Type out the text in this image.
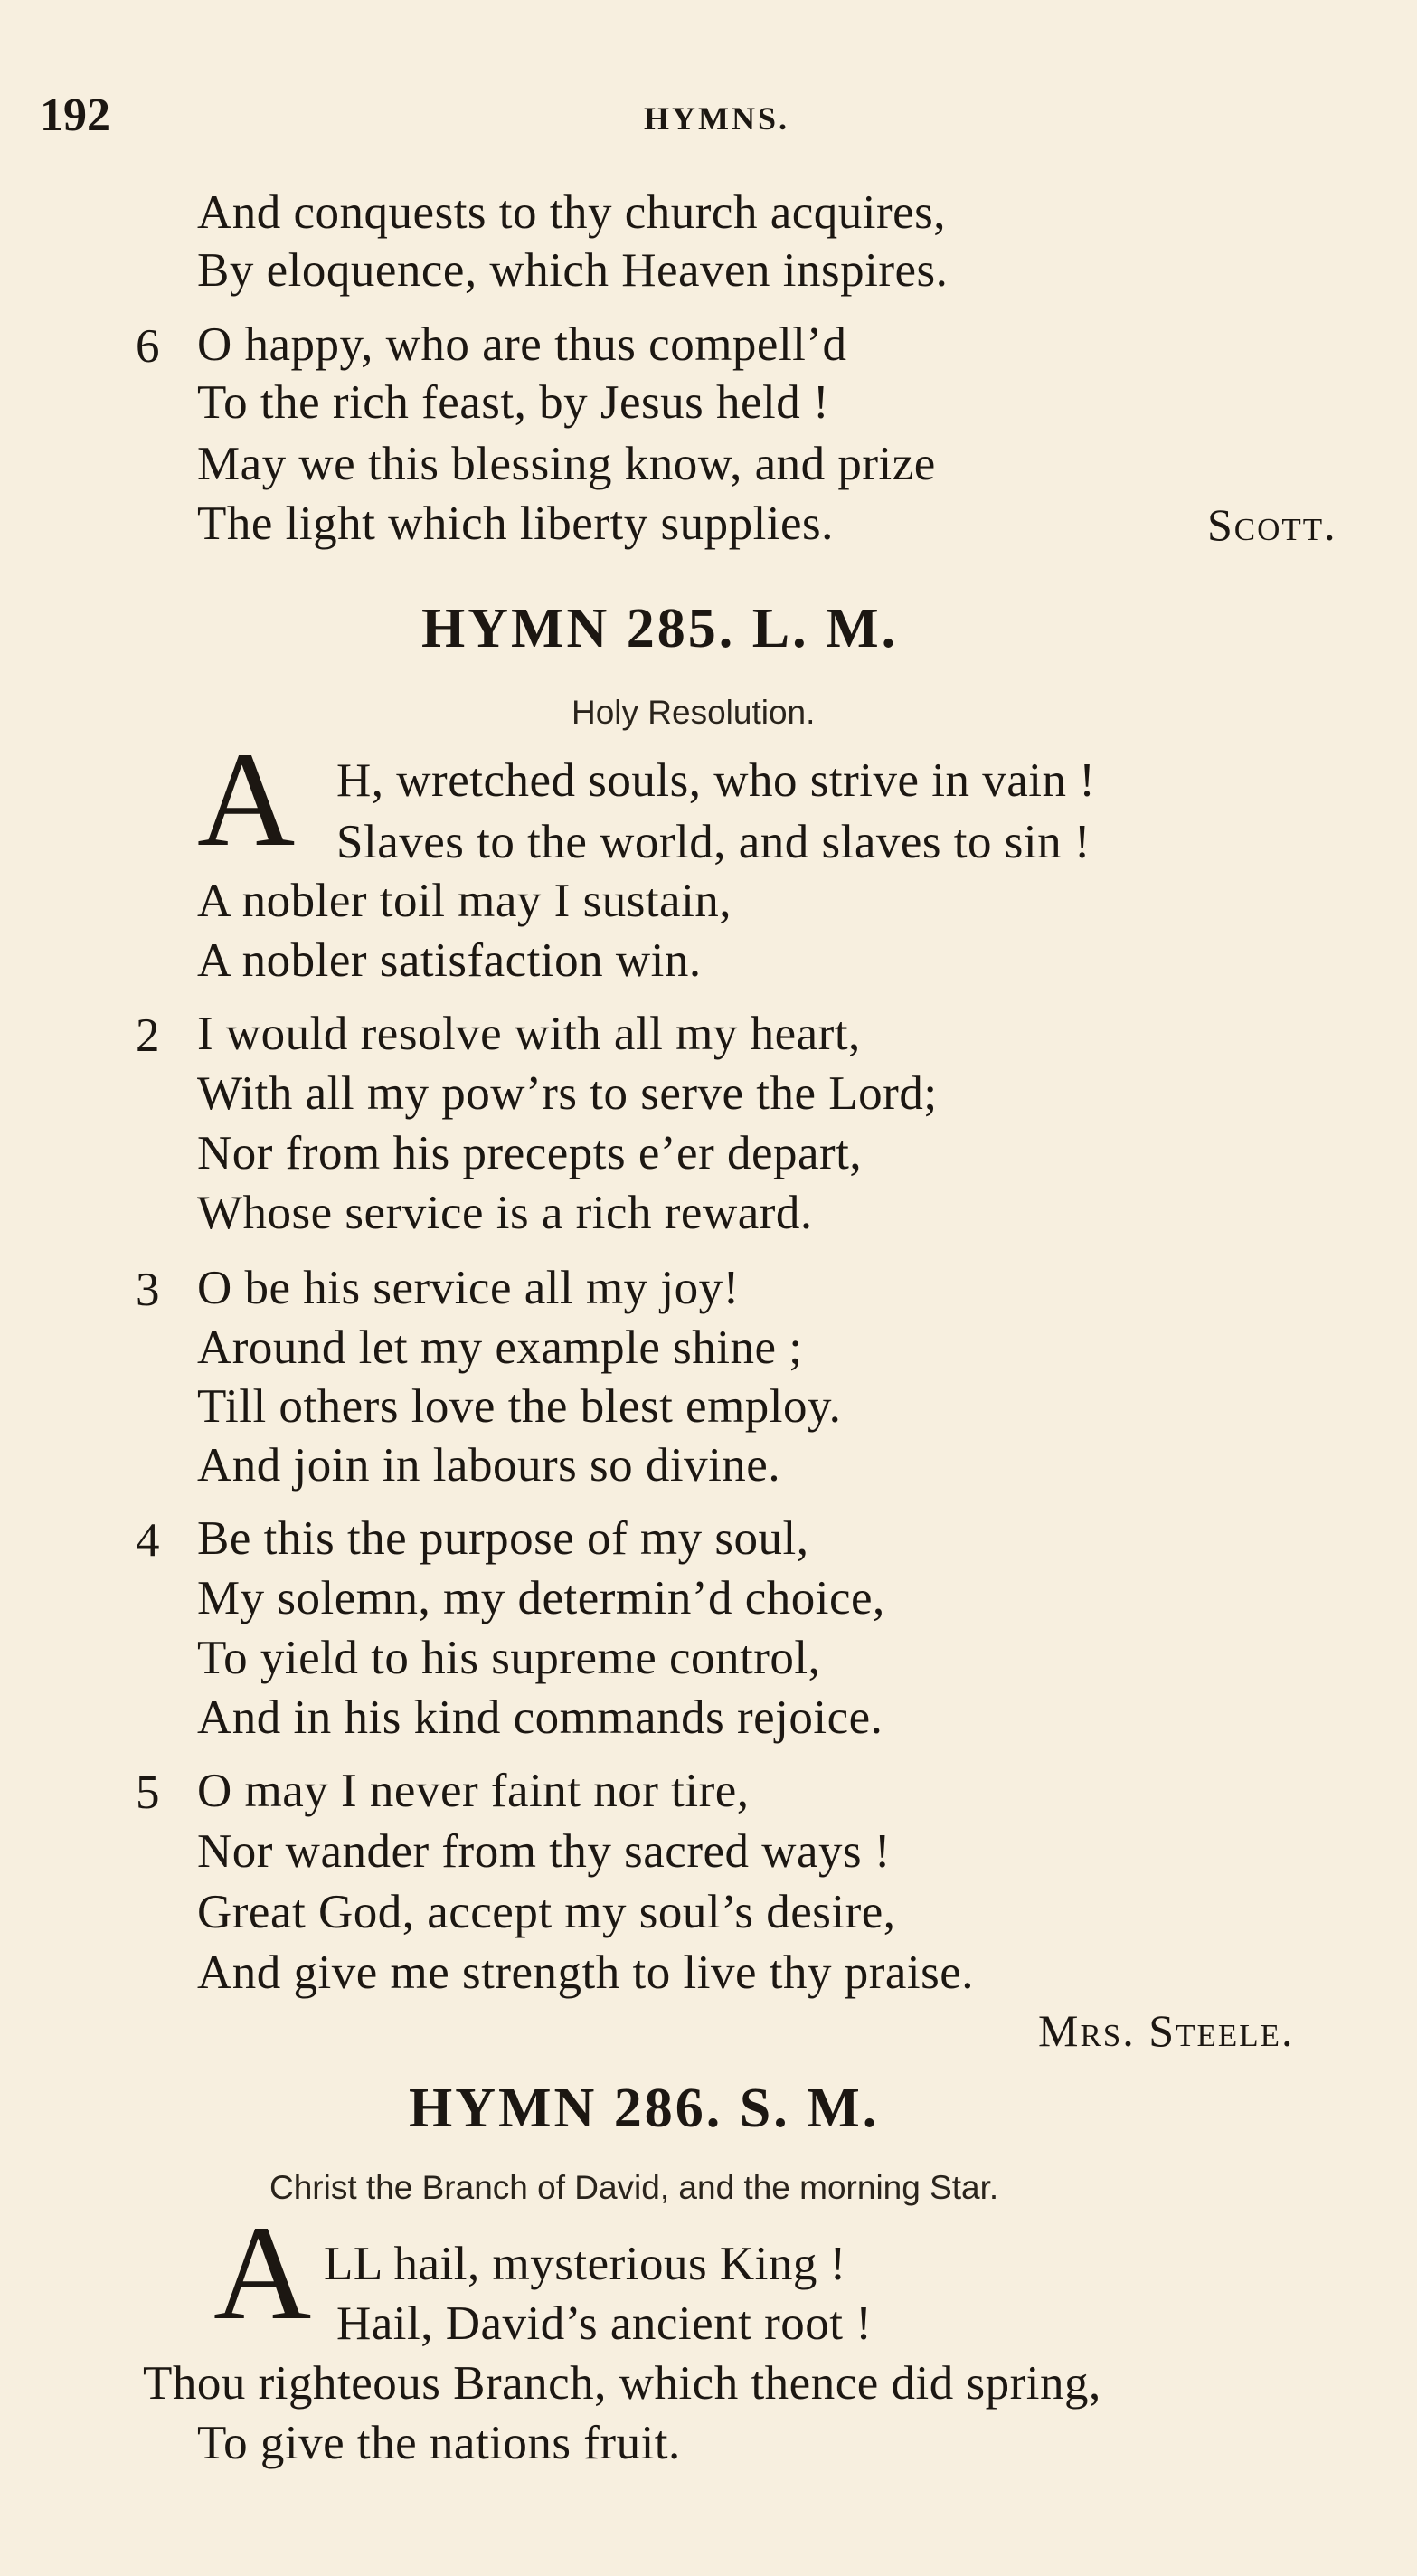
192	HYMNS.
And conquests to thy church acquires,
By eloquence, which Heaven inspires.
6 O happy, who are thus compell’d
To the rich feast, by Jesus held !
May we this blessing know, and prize
The light which liberty supplies.	Scott.
HYMN 285. L. M.
Holy Resolution.
A H, wretched souls, who strive in vain !
Slaves to the world, and slaves to sin !
A nobler toil may I sustain,
A nobler satisfaction win.
2 I would resolve with all my heart,
With all my pow’rs to serve the Lord;
Nor from his precepts e’er depart,
Whose service is a rich reward.
3 O be his service all my joy!
Around let my example shine ;
Till others love the blest employ.
And join in labours so divine.
4 Be this the purpose of my soul,
My solemn, my determin’d choice,
To yield to his supreme control,
And in his kind commands rejoice.
5 O may I never faint nor tire,
Nor wander from thy sacred ways !
Great God, accept my soul’s desire,
And give me strength to live thy praise.
Mrs. Steele.
HYMN 286. S. M.
Christ the Branch of David, and the morning Star.
A LL hail, mysterious King !
Hail, David’s ancient root !
Thou righteous Branch, which thence did spring,
To give the nations fruit.
